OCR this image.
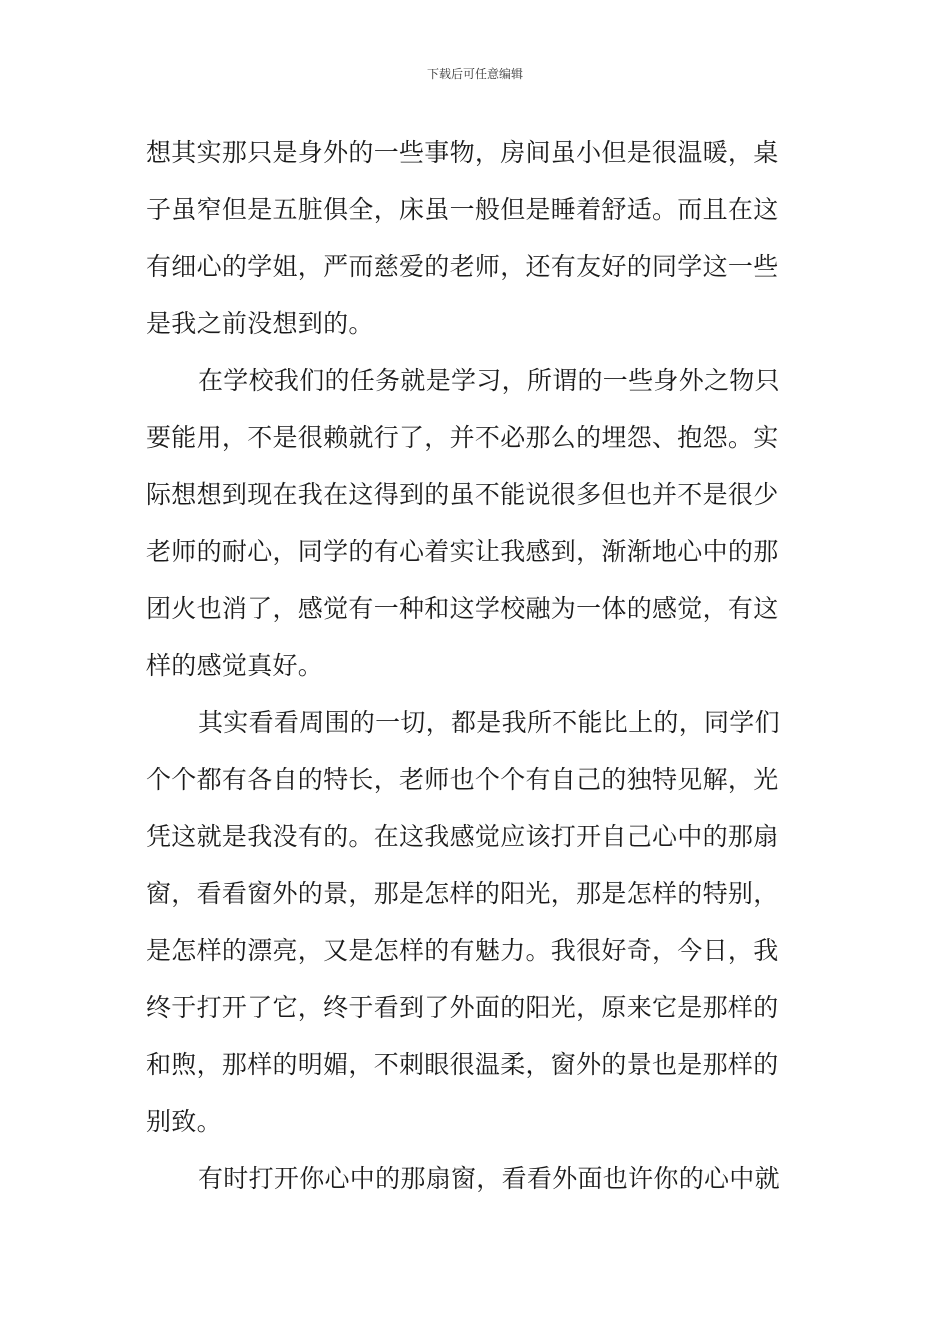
下载后可任意编辑
想其实那只是身外的一些事物，房间虽小但是很温暖，桌
子虽窄但是五脏俱全，床虽一般但是睡着舒适。而且在这
有细心的学姐，严而慈爱的老师，还有友好的同学这一些
是我之前没想到的。
在学校我们的任务就是学习，所谓的一些身外之物只
要能用，不是很赖就行了，并不必那么的埋怨、抱怨。实
际想想到现在我在这得到的虽不能说很多但也并不是很少
老师的耐心，同学的有心着实让我感到，渐渐地心中的那
团火也消了，感觉有一种和这学校融为一体的感觉，有这
样的感觉真好。
其实看看周围的一切，都是我所不能比上的，同学们
个个都有各自的特长，老师也个个有自己的独特见解，光
凭这就是我没有的。在这我感觉应该打开自己心中的那扇
窗，看看窗外的景，那是怎样的阳光，那是怎样的特别，
是怎样的漂亮，又是怎样的有魅力。我很好奇，今日，我
终于打开了它，终于看到了外面的阳光，原来它是那样的
和煦，那样的明媚，不刺眼很温柔，窗外的景也是那样的
别致。
有时打开你心中的那扇窗，看看外面也许你的心中就
